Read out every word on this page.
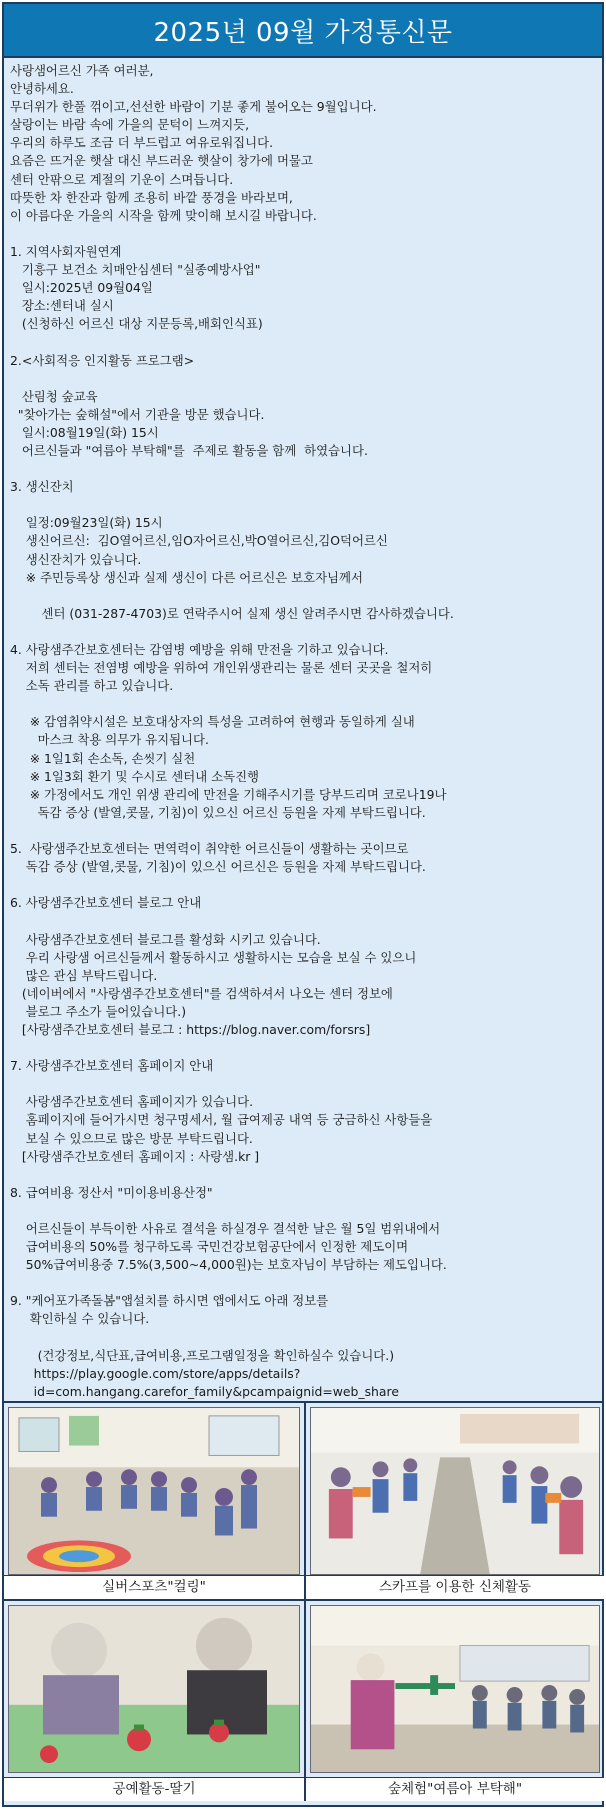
2025년 09월 가정통신문
사랑샘어르신 가족 여러분,
안녕하세요.
무더위가 한풀 꺾이고,선선한 바람이 기분 좋게 불어오는 9월입니다.
살랑이는 바람 속에 가을의 문턱이 느껴지듯,
우리의 하루도 조금 더 부드럽고 여유로워집니다.
요즘은 뜨거운 햇살 대신 부드러운 햇살이 창가에 머물고
센터 안팎으로 계절의 기운이 스며듭니다.
따뜻한 차 한잔과 함께 조용히 바깥 풍경을 바라보며,
이 아름다운 가을의 시작을 함께 맞이해 보시길 바랍니다.
1. 지역사회자원연계
기흥구 보건소 치매안심센터 "실종예방사업"
일시:2025년 09월04일
장소:센터내 실시
(신청하신 어르신 대상 지문등록,배회인식표)
2.<사회적응 인지활동 프로그램>
산림청 숲교육
"찾아가는 숲해설"에서 기관을 방문 했습니다.
일시:08월19일(화) 15시
어르신들과 "여름아 부탁해"를  주제로 활동을 함께  하였습니다.
3. 생신잔치
일정:09월23일(화) 15시
생신어르신:  김O열어르신,임O자어르신,박O열어르신,김O덕어르신
생신잔치가 있습니다.
※ 주민등록상 생신과 실제 생신이 다른 어르신은 보호자님께서
센터 (031-287-4703)로 연락주시어 실제 생신 알려주시면 감사하겠습니다.
4. 사랑샘주간보호센터는 감염병 예방을 위해 만전을 기하고 있습니다.
저희 센터는 전염병 예방을 위하여 개인위생관리는 물론 센터 곳곳을 철저히
소독 관리를 하고 있습니다.
※ 감염취약시설은 보호대상자의 특성을 고려하여 현행과 동일하게 실내
마스크 착용 의무가 유지됩니다.
※ 1일1회 손소독, 손씻기 실천
※ 1일3회 환기 및 수시로 센터내 소독진행
※ 가정에서도 개인 위생 관리에 만전을 기해주시기를 당부드리며 코로나19나
독감 증상 (발열,콧물, 기침)이 있으신 어르신 등원을 자제 부탁드립니다.
5.  사랑샘주간보호센터는 면역력이 취약한 어르신들이 생활하는 곳이므로
독감 증상 (발열,콧물, 기침)이 있으신 어르신은 등원을 자제 부탁드립니다.
6. 사랑샘주간보호센터 블로그 안내
사랑샘주간보호센터 블로그를 활성화 시키고 있습니다.
우리 사랑샘 어르신들께서 활동하시고 생활하시는 모습을 보실 수 있으니
많은 관심 부탁드립니다.
(네이버에서 "사랑샘주간보호센터"를 검색하셔서 나오는 센터 정보에
블로그 주소가 들어있습니다.)
[사랑샘주간보호센터 블로그 : https://blog.naver.com/forsrs]
7. 사랑샘주간보호센터 홈페이지 안내
사랑샘주간보호센터 홈페이지가 있습니다.
홈페이지에 들어가시면 청구명세서, 월 급여제공 내역 등 궁금하신 사항들을
보실 수 있으므로 많은 방문 부탁드립니다.
[사랑샘주간보호센터 홈페이지 : 사랑샘.kr ]
8. 급여비용 정산서 "미이용비용산정"
어르신들이 부득이한 사유로 결석을 하실경우 결석한 날은 월 5일 범위내에서
급여비용의 50%를 청구하도록 국민건강보험공단에서 인정한 제도이며
50%급여비용중 7.5%(3,500~4,000원)는 보호자님이 부담하는 제도입니다.
9. "케어포가족돌봄"앱설치를 하시면 앱에서도 아래 정보를
확인하실 수 있습니다.
(건강정보,식단표,급여비용,프로그램일정을 확인하실수 있습니다.)
https://play.google.com/store/apps/details?
id=com.hangang.carefor_family&pcampaignid=web_share
실버스포츠"컬링"	스카프를 이용한 신체활동
공예활동-딸기	숲체험"여름아 부탁해"
